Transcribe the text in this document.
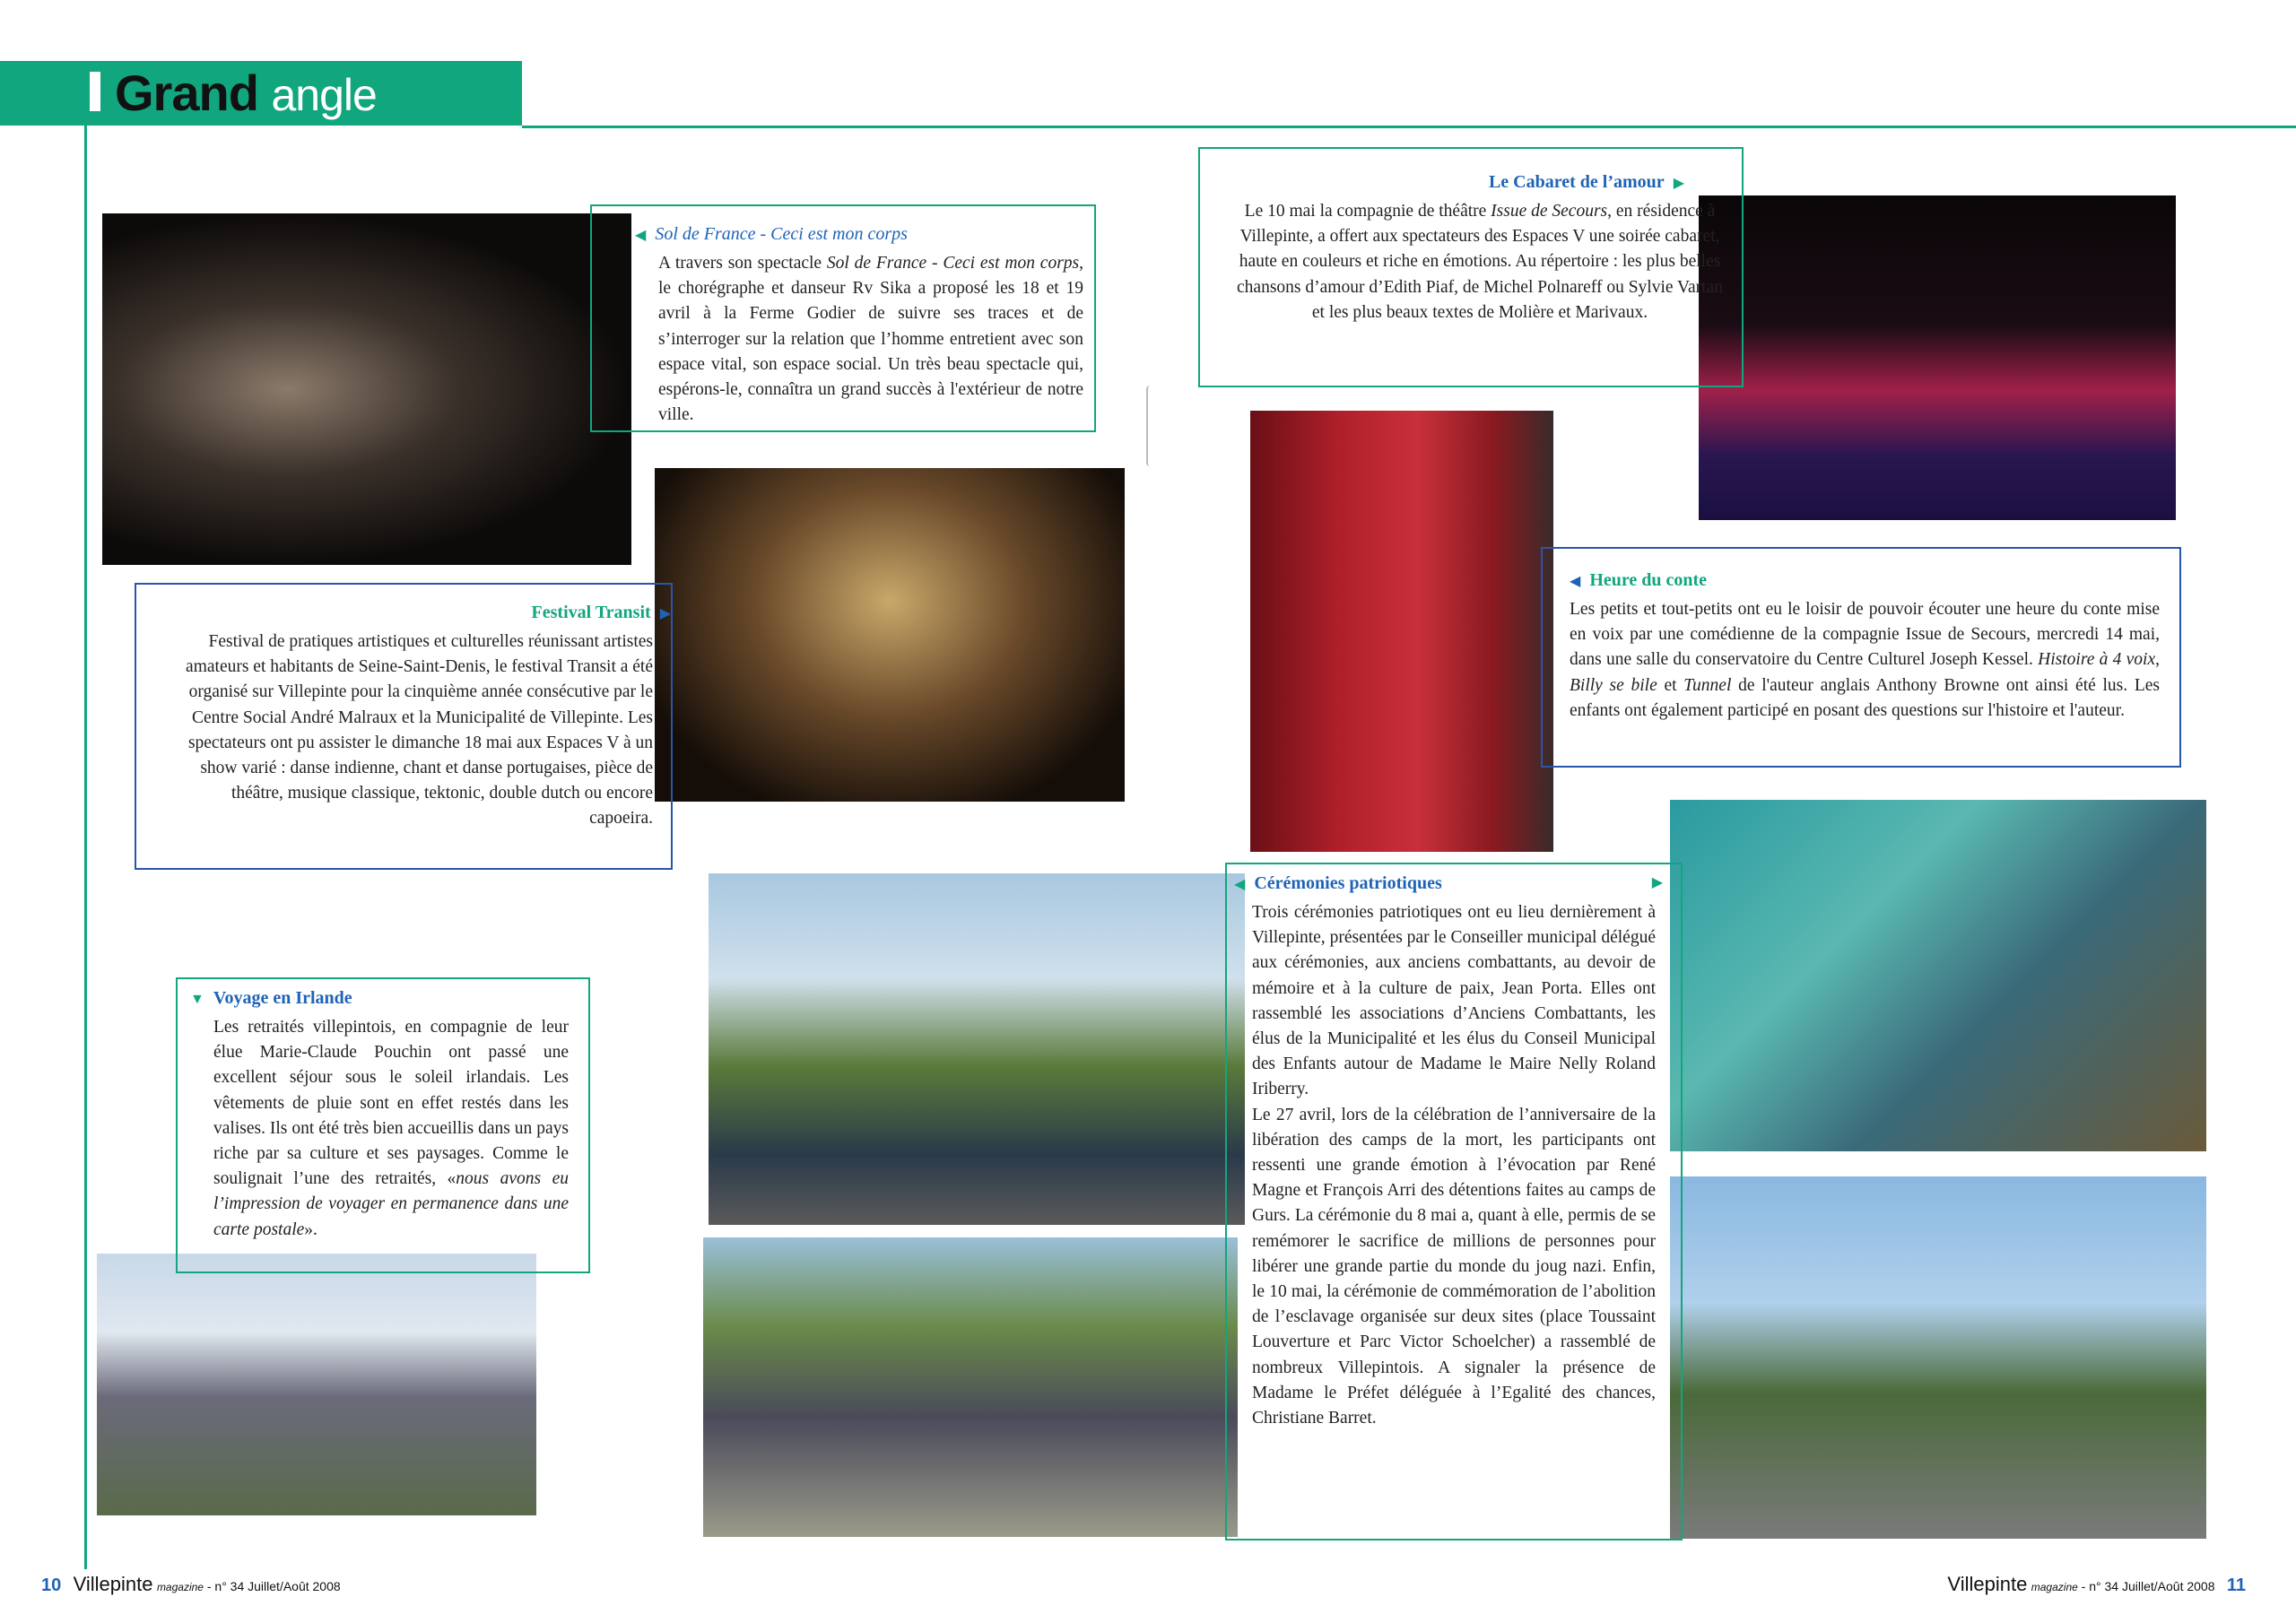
Grand angle
◀ Sol de France - Ceci est mon corps

A travers son spectacle Sol de France - Ceci est mon corps, le chorégraphe et danseur Rv Sika a proposé les 18 et 19 avril à la Ferme Godier de suivre ses traces et de s’interroger sur la relation que l’homme entretient avec son espace vital, son espace social. Un très beau spectacle qui, espérons-le, connaîtra un grand succès à l'extérieur de notre ville.

Le Cabaret de l’amour ▶

Le 10 mai la compagnie de théâtre Issue de Secours, en résidence à Villepinte, a offert aux spectateurs des Espaces V une soirée cabaret, haute en couleurs et riche en émotions. Au répertoire : les plus belles chansons d’amour d’Edith Piaf, de Michel Polnareff ou Sylvie Vartan et les plus beaux textes de Molière et Marivaux.

Festival Transit ▶

Festival de pratiques artistiques et culturelles réunissant artistes amateurs et habitants de Seine-Saint-Denis, le festival Transit a été organisé sur Villepinte pour la cinquième année consécutive par le Centre Social André Malraux et la Municipalité de Villepinte. Les spectateurs ont pu assister le dimanche 18 mai aux Espaces V à un show varié : danse indienne, chant et danse portugaises, pièce de théâtre, musique classique, tektonic, double dutch ou encore capoeira.

◀ Heure du conte

Les petits et tout-petits ont eu le loisir de pouvoir écouter une heure du conte mise en voix par une comédienne de la compagnie Issue de Secours, mercredi 14 mai, dans une salle du conservatoire du Centre Culturel Joseph Kessel. Histoire à 4 voix, Billy se bile et Tunnel de l'auteur anglais Anthony Browne ont ainsi été lus. Les enfants ont également participé en posant des questions sur l'histoire et l'auteur.

▼ Voyage en Irlande

Les retraités villepintois, en compagnie de leur élue Marie-Claude Pouchin ont passé une excellent séjour sous le soleil irlandais. Les vêtements de pluie sont en effet restés dans les valises. Ils ont été très bien accueillis dans un pays riche par sa culture et ses paysages. Comme le soulignait l’une des retraités, «nous avons eu l’impression de voyager en permanence dans une carte postale».

◀ Cérémonies patriotiques	▶

Trois cérémonies patriotiques ont eu lieu dernièrement à Villepinte, présentées par le Conseiller municipal délégué aux cérémonies, aux anciens combattants, au devoir de mémoire et à la culture de paix, Jean Porta. Elles ont rassemblé les associations d’Anciens Combattants, les élus de la Municipalité et les élus du Conseil Municipal des Enfants autour de Madame le Maire Nelly Roland Iriberry.

Le 27 avril, lors de la célébration de l’anniversaire de la libération des camps de la mort, les participants ont ressenti une grande émotion à l’évocation par René Magne et François Arri des détentions faites au camps de Gurs. La cérémonie du 8 mai a, quant à elle, permis de se remémorer le sacrifice de millions de personnes pour libérer une grande partie du monde du joug nazi. Enfin, le 10 mai, la cérémonie de commémoration de l’abolition de l’esclavage organisée sur deux sites (place Toussaint Louverture et Parc Victor Schoelcher) a rassemblé de nombreux Villepintois. A signaler la présence de Madame le Préfet déléguée à l’Egalité des chances, Christiane Barret.

10 Villepinte magazine - n° 34 Juillet/Août 2008	Villepinte magazine - n° 34 Juillet/Août 2008 11
